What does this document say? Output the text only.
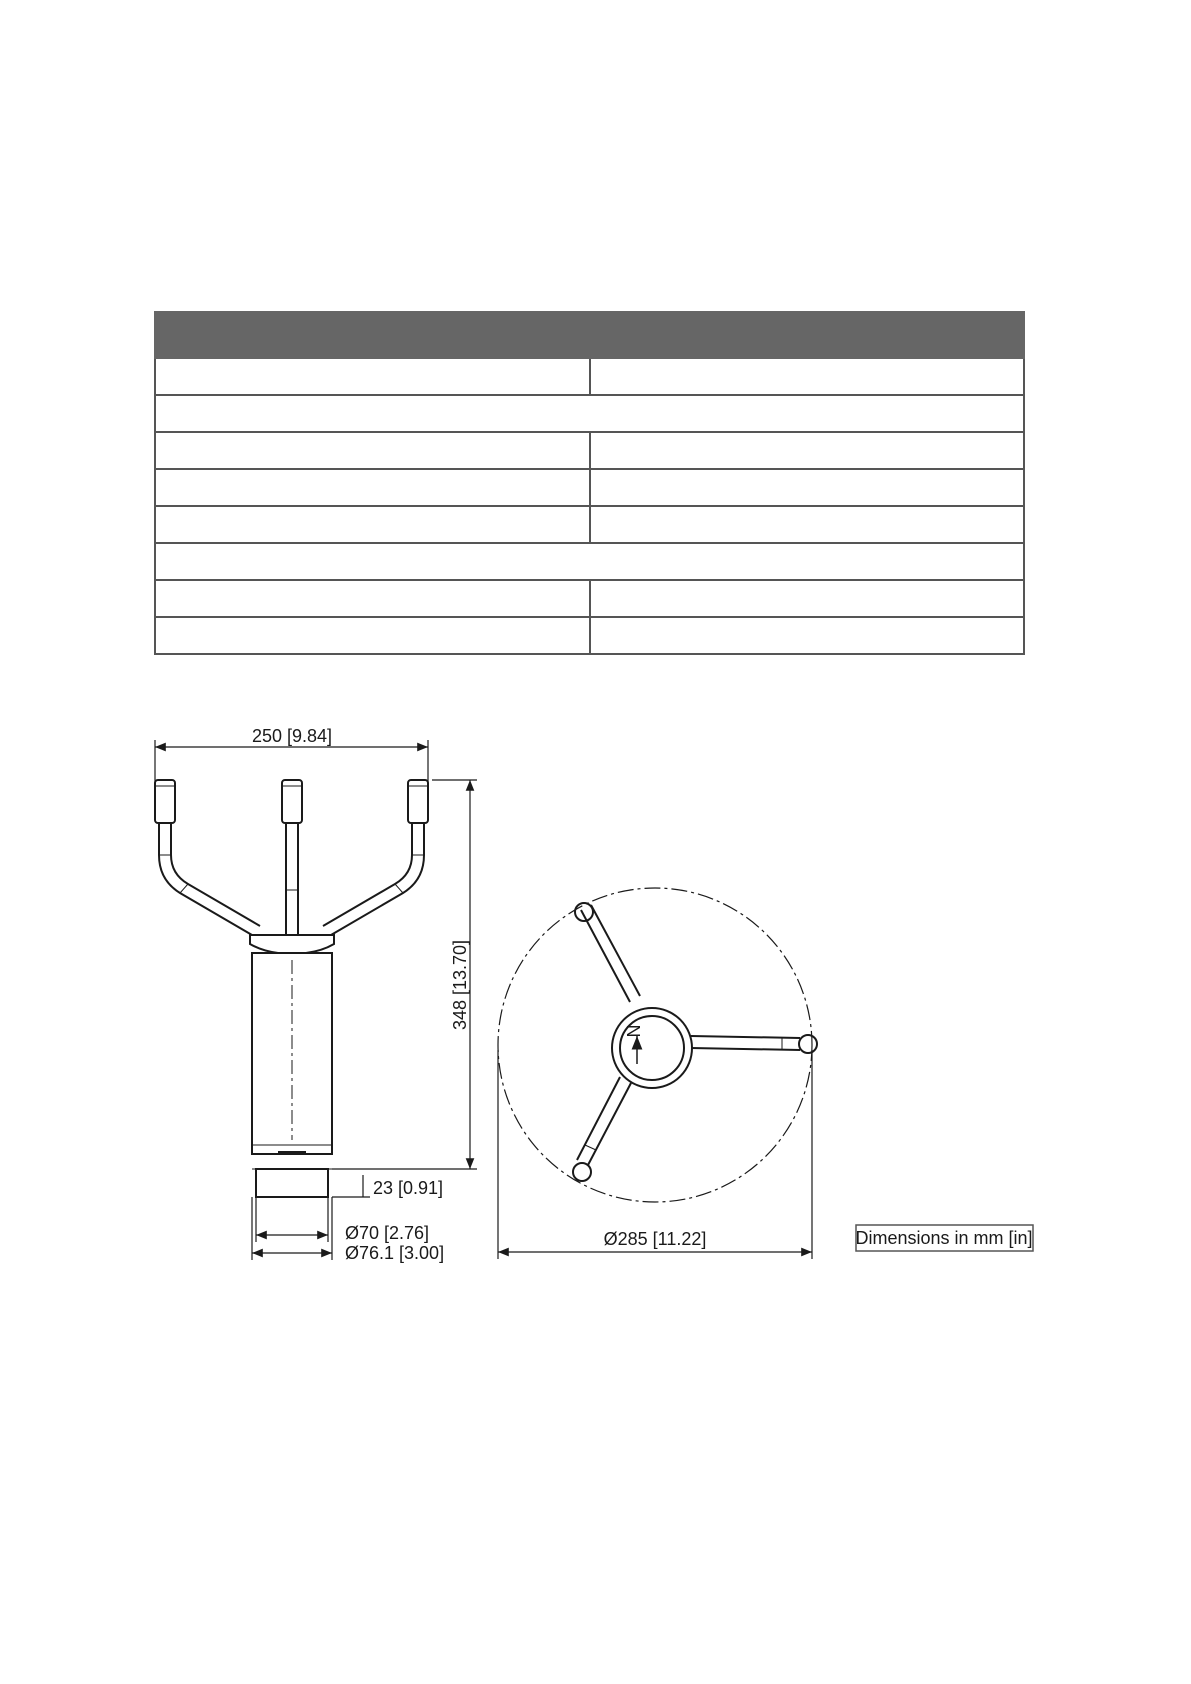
250 [9.84]
348 [13.70]
23 [0.91]
Ø70 [2.76]
Ø76.1 [3.00]
N
Ø285 [11.22]	Dimensions in mm [in]
